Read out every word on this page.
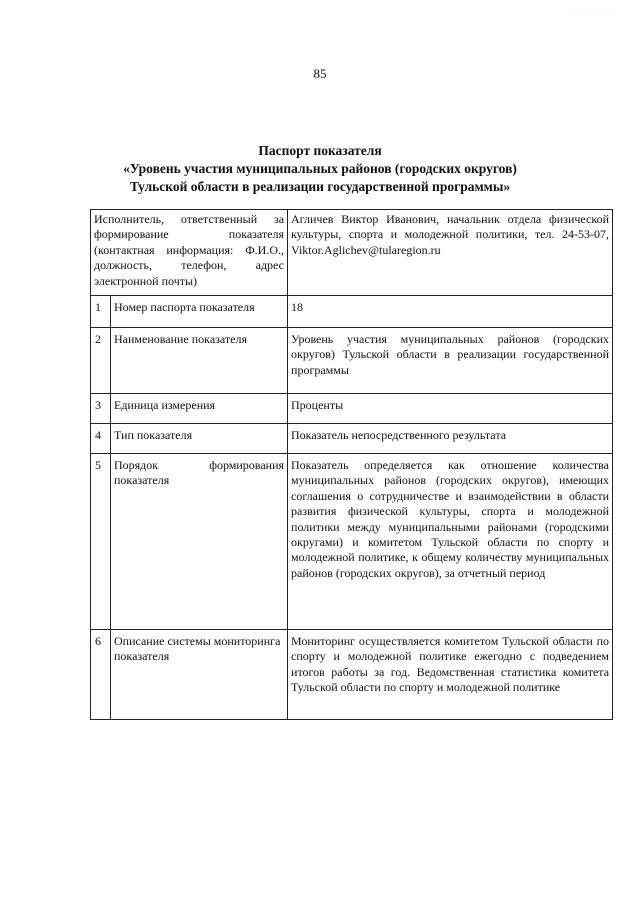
· · · · · · ·
85
Паспорт показателя
«Уровень участия муниципальных районов (городских округов)
Тульской области в реализации государственной программы»
Исполнитель, ответственный за формирование показателя (контактная информация: Ф.И.О., должность, телефон, адрес электронной почты)		Агличев Виктор Иванович, начальник отдела физической культуры, спорта и молодежной политики, тел. 24-53-07, Viktor.Aglichev@tularegion.ru
1	Номер паспорта показателя	18
2	Наименование показателя	Уровень участия муниципальных районов (городских округов) Тульской области в реализации государственной программы
3	Единица измерения	Проценты
4	Тип показателя	Показатель непосредственного результата
5	Порядок формирования показателя	Показатель определяется как отношение количества муниципальных районов (городских округов), имеющих соглашения о сотрудничестве и взаимодействии в области развития физической культуры, спорта и молодежной политики между муниципальными районами (городскими округами) и комитетом Тульской области по спорту и молодежной политике, к общему количеству муниципальных районов (городских округов), за отчетный период
6	Описание системы мониторинга показателя	Мониторинг осуществляется комитетом Тульской области по спорту и молодежной политике ежегодно с подведением итогов работы за год. Ведомственная статистика комитета Тульской области по спорту и молодежной политике
